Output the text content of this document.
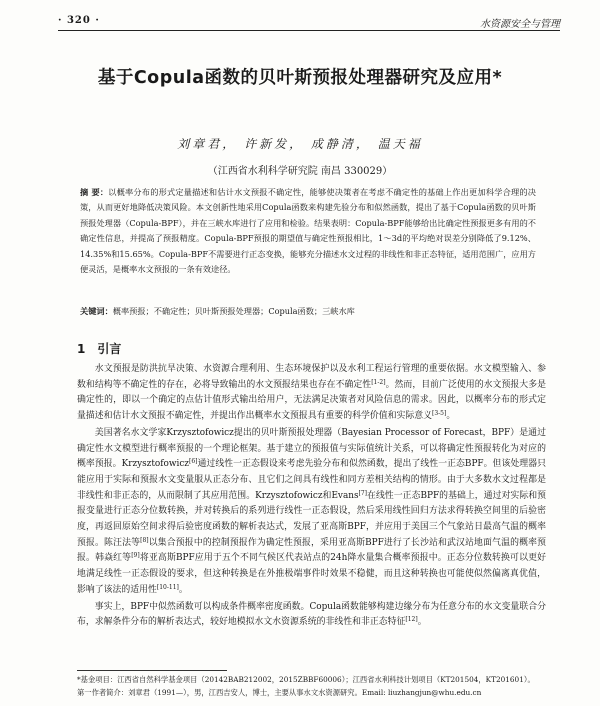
· 320 ·	水资源安全与管理
基于Copula函数的贝叶斯预报处理器研究及应用*
刘章君， 许新发， 成静清， 温天福
（江西省水利科学研究院 南昌 330029）
摘 要：以概率分布的形式定量描述和估计水文预报不确定性，能够使决策者在考虑不确定性的基础上作出更加科学合理的决策，从而更好地降低决策风险。本文创新性地采用Copula函数来构建先验分布和似然函数，提出了基于Copula函数的贝叶斯预报处理器（Copula-BPF），并在三峡水库进行了应用和检验。结果表明：Copula-BPF能够给出比确定性预报更多有用的不确定性信息，并提高了预报精度。Copula-BPF预报的期望值与确定性预报相比，1～3d的平均绝对误差分别降低了9.12%、14.35%和15.65%。Copula-BPF不需要进行正态变换，能够充分描述水文过程的非线性和非正态特征，适用范围广，应用方便灵活，是概率水文预报的一条有效途径。
关键词：概率预报；不确定性；贝叶斯预报处理器；Copula函数；三峡水库
1 引言

水文预报是防洪抗旱决策、水资源合理利用、生态环境保护以及水利工程运行管理的重要依据。水文模型输入、参数和结构等不确定性的存在，必将导致输出的水文预报结果也存在不确定性[1-2]。然而，目前广泛使用的水文预报大多是确定性的，即以一个确定的点估计值形式输出给用户，无法满足决策者对风险信息的需求。因此，以概率分布的形式定量描述和估计水文预报不确定性，并提出作出概率水文预报具有重要的科学价值和实际意义[3-5]。

美国著名水文学家Krzysztofowicz提出的贝叶斯预报处理器（Bayesian Processor of Forecast，BPF）是通过确定性水文模型进行概率预报的一个理论框架。基于建立的预报值与实际值统计关系，可以将确定性预报转化为对应的概率预报。Krzysztofowicz[6]通过线性一正态假设来考虑先验分布和似然函数，提出了线性一正态BPF。但该处理器只能应用于实际和预报水文变量服从正态分布、且它们之间具有线性和同方差相关结构的情形。由于大多数水文过程都是非线性和非正态的，从而限制了其应用范围。Krzysztofowicz和Evans[7]在线性一正态BPF的基础上，通过对实际和预报变量进行正态分位数转换，并对转换后的系列进行线性一正态假设，然后采用线性回归方法求得转换空间里的后验密度，再返回原始空间求得后验密度函数的解析表达式，发展了亚高斯BPF，并应用于美国三个气象站日最高气温的概率预报。陈汪法等[8]以集合预报中的控制预报作为确定性预报，采用亚高斯BPF进行了长沙站和武汉站地面气温的概率预报。韩焱红等[9]将亚高斯BPF应用于五个不同气候区代表站点的24h降水量集合概率预报中。正态分位数转换可以更好地满足线性一正态假设的要求，但这种转换是在外推极端事件时效果不稳健，而且这种转换也可能使似然偏离真优值，影响了该法的适用性[10-11]。

事实上，BPF中似然函数可以构成条件概率密度函数。Copula函数能够构建边缘分布为任意分布的水文变量联合分布，求解条件分布的解析表达式，较好地模拟水文水资源系统的非线性和非正态特征[12]。

*基金项目：江西省自然科学基金项目（20142BAB212002，2015ZBBF60006）；江西省水利科技计划项目（KT201504，KT201601）。
第一作者简介：刘章君（1991—），男，江西吉安人，博士，主要从事水文水资源研究。Email: liuzhangjun@whu.edu.cn
